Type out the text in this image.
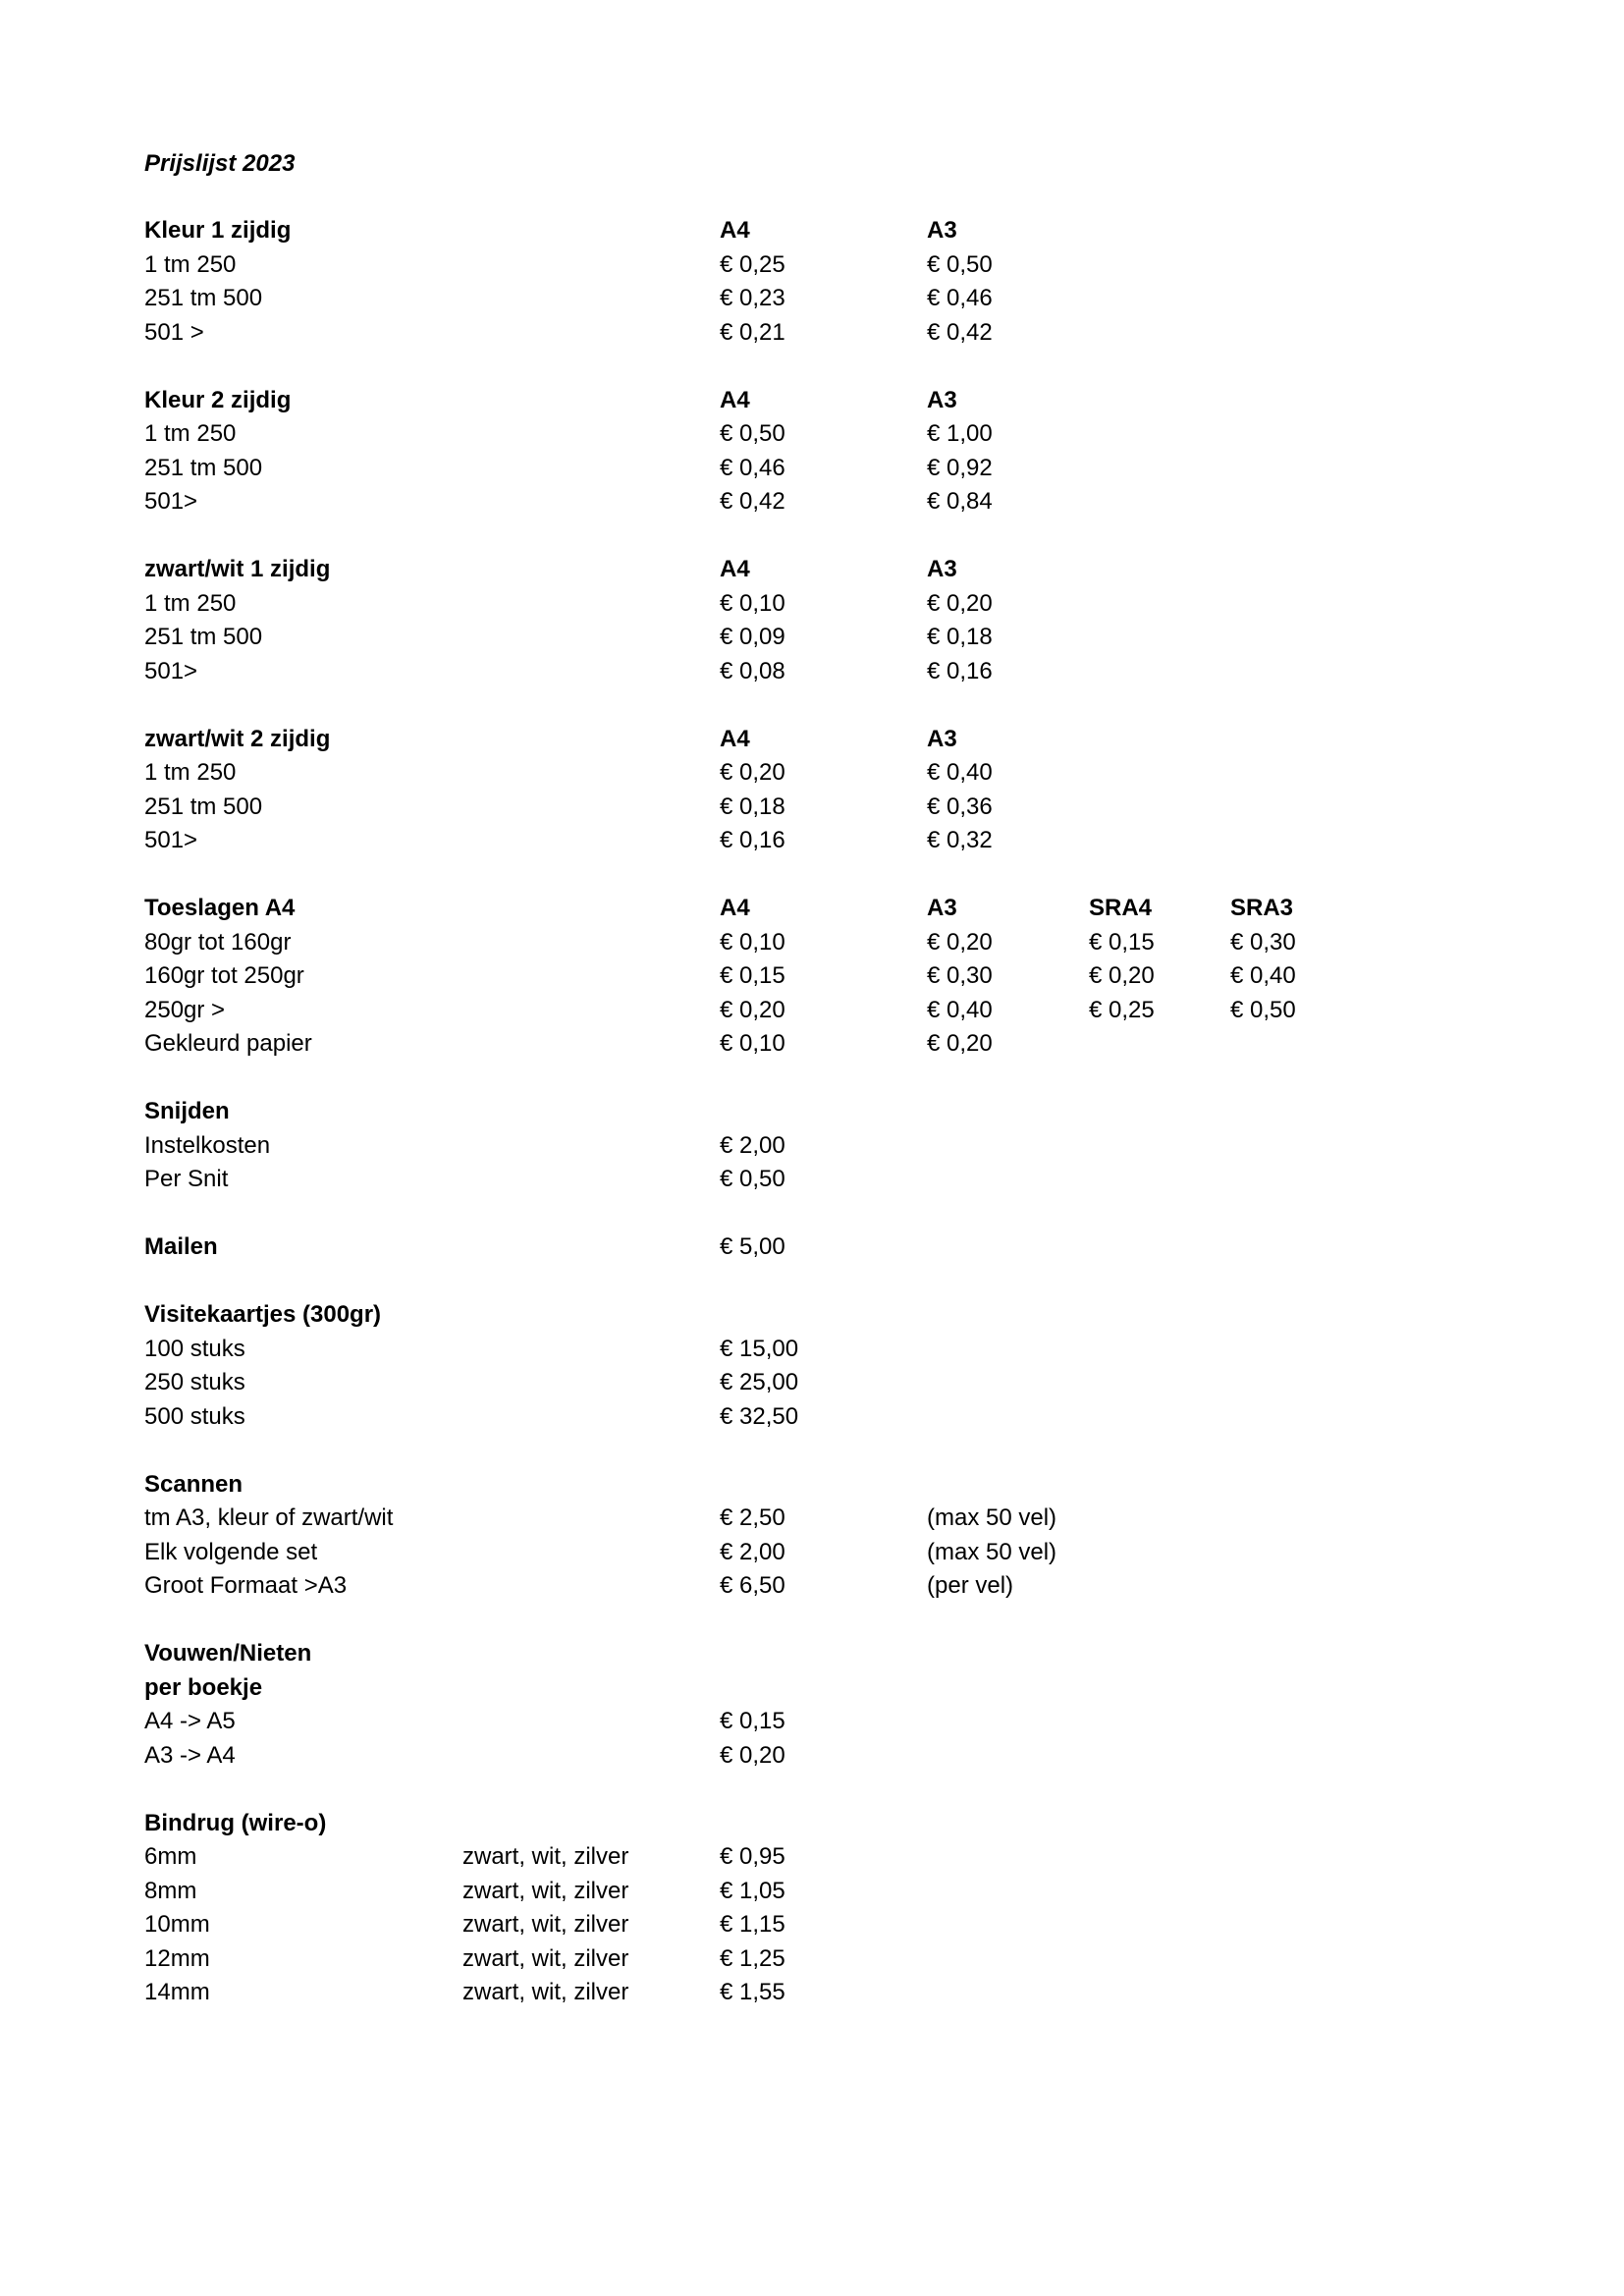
Prijslijst 2023
Kleur 1 zijdig	A4	A3
1 tm 250	€ 0,25	€ 0,50
251 tm 500	€ 0,23	€ 0,46
501 >	€ 0,21	€ 0,42
Kleur 2 zijdig	A4	A3
1 tm 250	€ 0,50	€ 1,00
251 tm 500	€ 0,46	€ 0,92
501>	€ 0,42	€ 0,84
zwart/wit 1 zijdig	A4	A3
1 tm 250	€ 0,10	€ 0,20
251 tm 500	€ 0,09	€ 0,18
501>	€ 0,08	€ 0,16
zwart/wit 2 zijdig	A4	A3
1 tm 250	€ 0,20	€ 0,40
251 tm 500	€ 0,18	€ 0,36
501>	€ 0,16	€ 0,32
Toeslagen A4	A4	A3	SRA4	SRA3
80gr tot 160gr	€ 0,10	€ 0,20	€ 0,15	€ 0,30
160gr tot 250gr	€ 0,15	€ 0,30	€ 0,20	€ 0,40
250gr >	€ 0,20	€ 0,40	€ 0,25	€ 0,50
Gekleurd papier	€ 0,10	€ 0,20
Snijden
Instelkosten	€ 2,00
Per Snit	€ 0,50
Mailen	€ 5,00
Visitekaartjes (300gr)
100 stuks	€ 15,00
250 stuks	€ 25,00
500 stuks	€ 32,50
Scannen
tm A3, kleur of zwart/wit	€ 2,50	(max 50 vel)
Elk volgende set	€ 2,00	(max 50 vel)
Groot Formaat >A3	€ 6,50	(per vel)
Vouwen/Nieten
per boekje
A4 -> A5	€ 0,15
A3 -> A4	€ 0,20
Bindrug (wire-o)
6mm	zwart, wit, zilver	€ 0,95
8mm	zwart, wit, zilver	€ 1,05
10mm	zwart, wit, zilver	€ 1,15
12mm	zwart, wit, zilver	€ 1,25
14mm	zwart, wit, zilver	€ 1,55
